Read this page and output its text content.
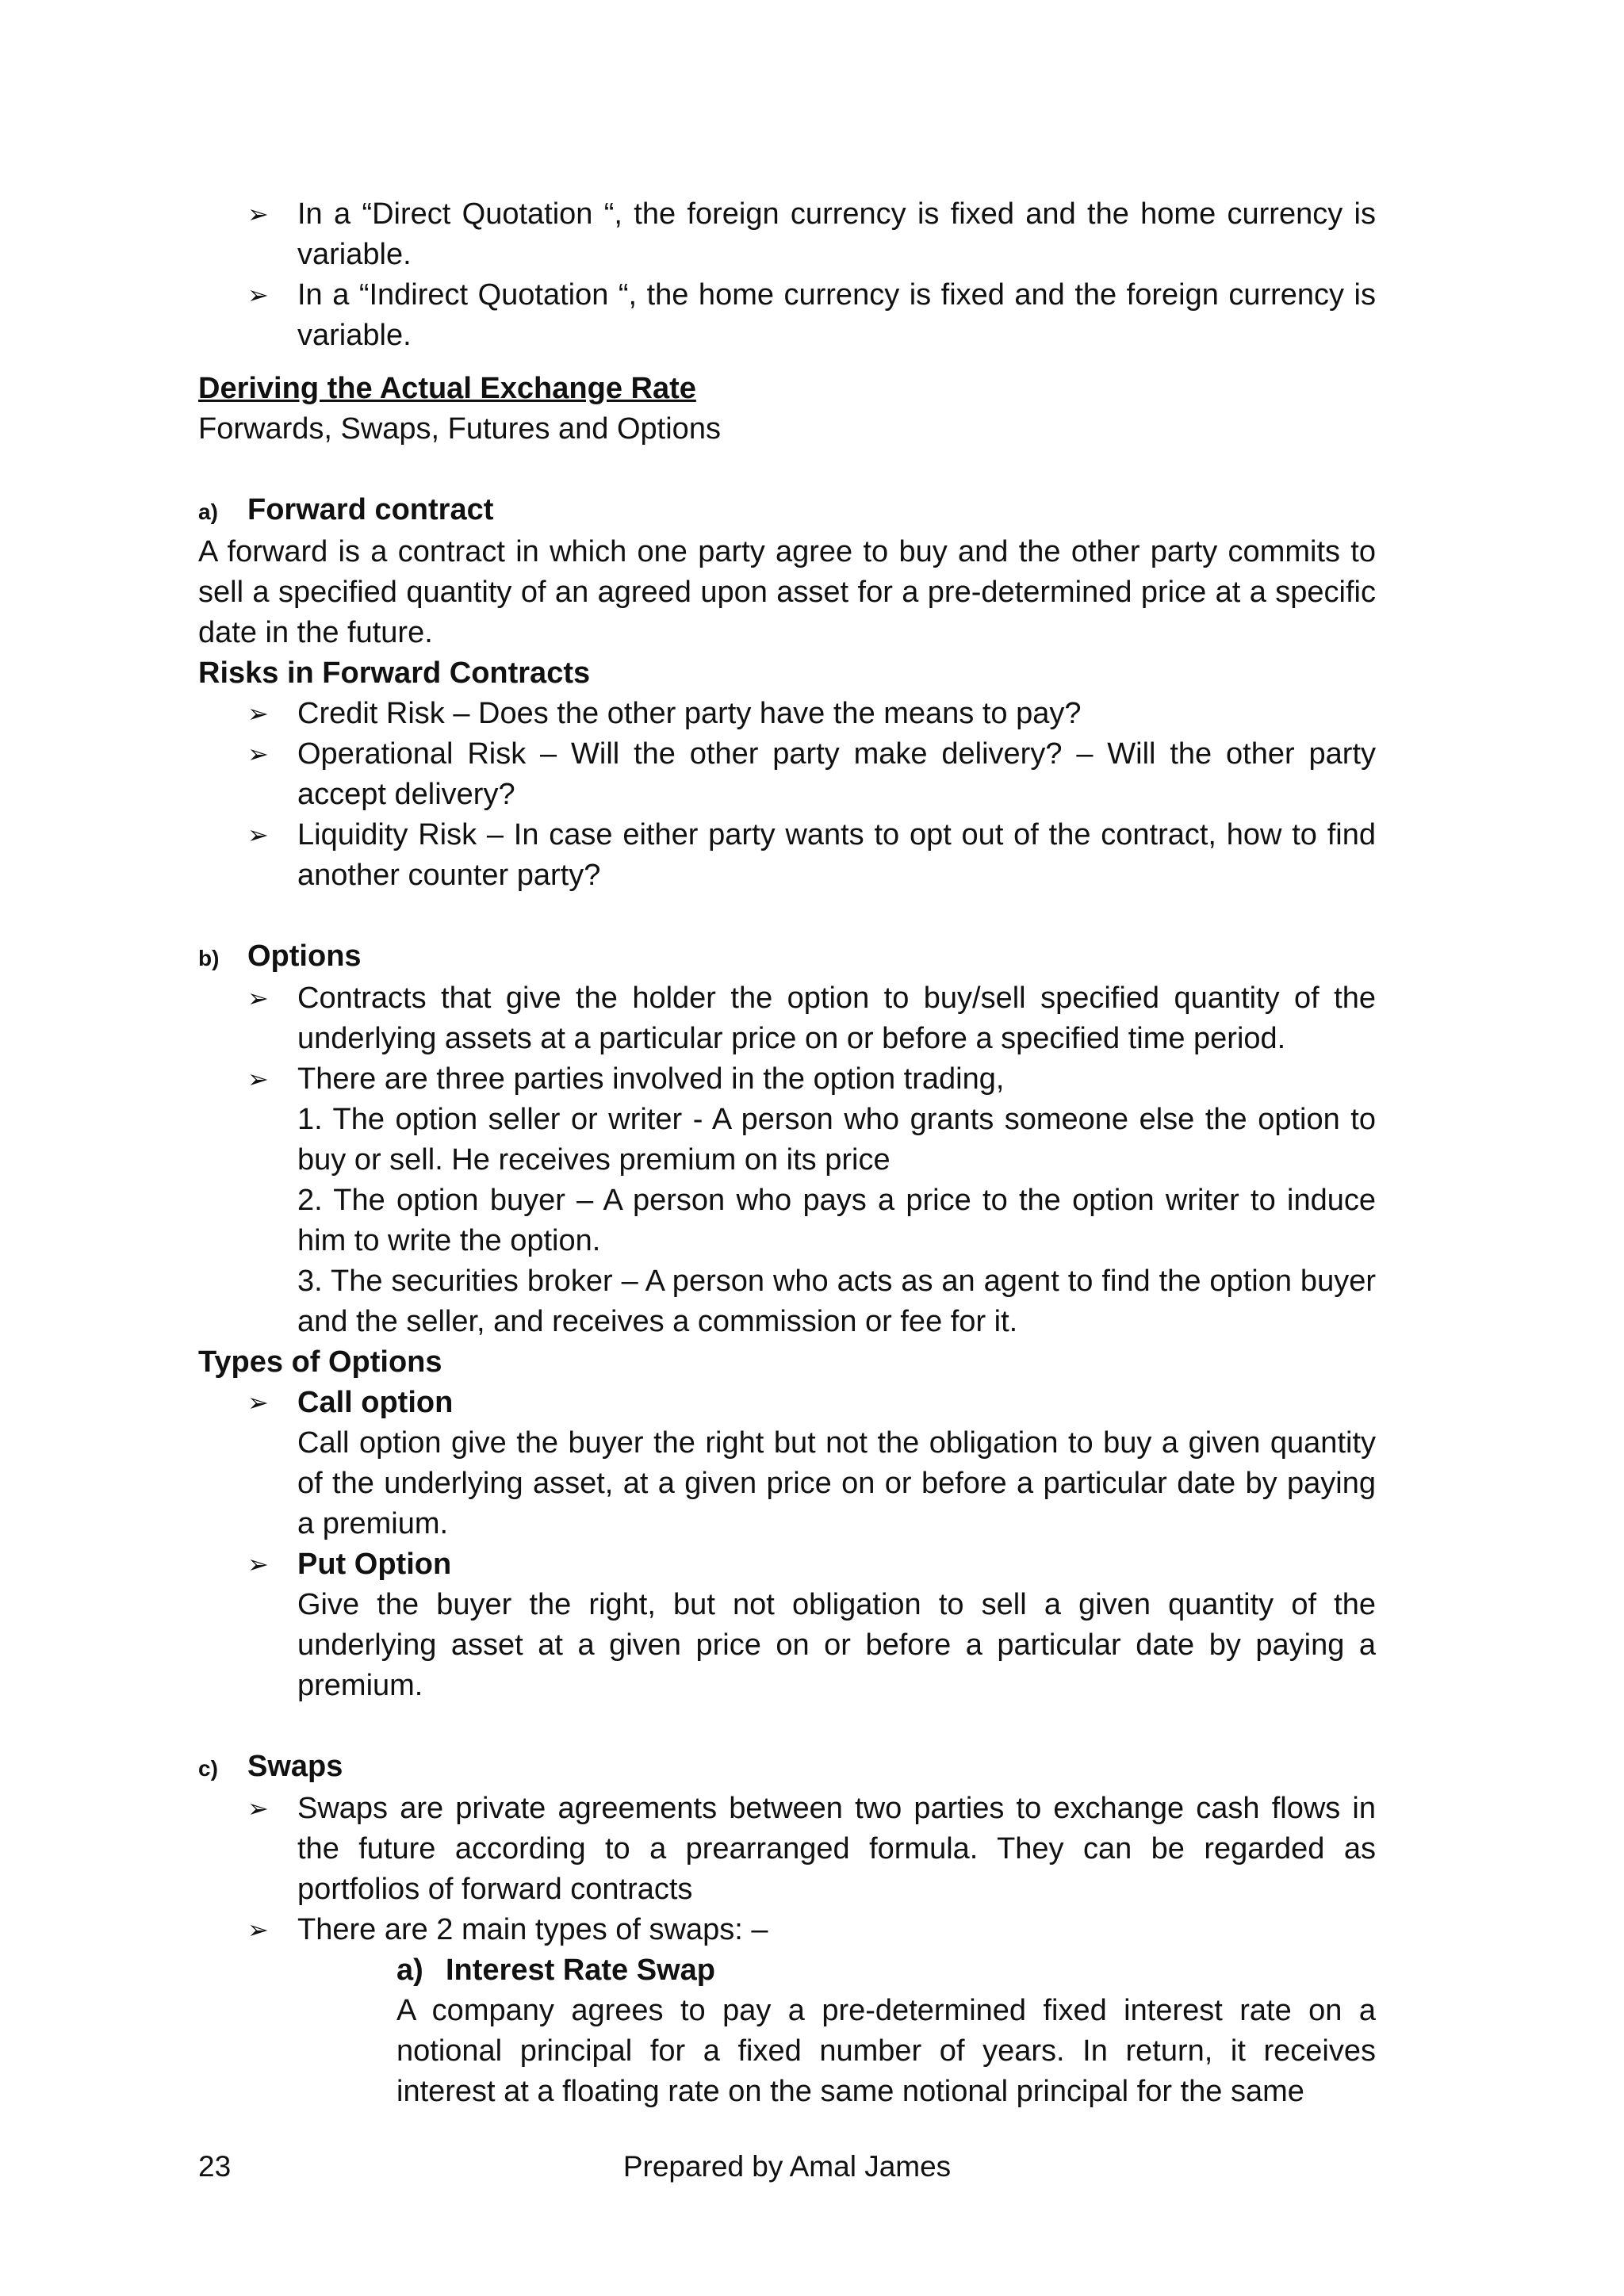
➢ In a “Direct Quotation “, the foreign currency is fixed and the home currency is variable.
➢ In a “Indirect Quotation “, the home currency is fixed and the foreign currency is variable.

Deriving the Actual Exchange Rate

Forwards, Swaps, Futures and Options

a) Forward contract

A forward is a contract in which one party agree to buy and the other party commits to sell a specified quantity of an agreed upon asset for a pre-determined price at a specific date in the future.

Risks in Forward Contracts

➢ Credit Risk – Does the other party have the means to pay?
➢ Operational Risk – Will the other party make delivery? – Will the other party accept delivery?
➢ Liquidity Risk – In case either party wants to opt out of the contract, how to find another counter party?

b) Options

➢ Contracts that give the holder the option to buy/sell specified quantity of the underlying assets at a particular price on or before a specified time period.
➢ There are three parties involved in the option trading,

1. The option seller or writer - A person who grants someone else the option to buy or sell. He receives premium on its price

2. The option buyer – A person who pays a price to the option writer to induce him to write the option.

3. The securities broker – A person who acts as an agent to find the option buyer and the seller, and receives a commission or fee for it.

Types of Options

➢ Call option
Call option give the buyer the right but not the obligation to buy a given quantity of the underlying asset, at a given price on or before a particular date by paying a premium.
➢ Put Option
Give the buyer the right, but not obligation to sell a given quantity of the underlying asset at a given price on or before a particular date by paying a premium.

c) Swaps

➢ Swaps are private agreements between two parties to exchange cash flows in the future according to a prearranged formula. They can be regarded as portfolios of forward contracts
➢ There are 2 main types of swaps: –

a) Interest Rate Swap

A company agrees to pay a pre-determined fixed interest rate on a notional principal for a fixed number of years. In return, it receives interest at a floating rate on the same notional principal for the same

23	Prepared by Amal James
